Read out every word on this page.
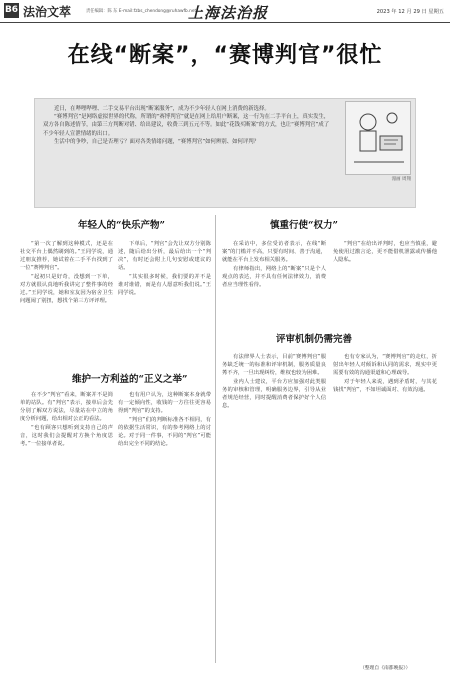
B6 法治文萃	责任编辑：陈 东 E-mail:fzbs_chendong@ruhawfb.net
上海法治报	2023 年 12 月 29 日 星期五
在线“断案”，“赛博判官”很忙

近日，在哔哩哔哩、二手交易平台出现“断案服务”，成为不少年轻人在网上消费的新选择。

“赛博判官”是网络虚拟世界的代称，所谓的“赛博判官”就是在网上给用户断案，这一行为在二手平台上，真实发生，双方各自陈述情节，由第三方判断对错、给出建议，收费三到五元不等。如此“花钱买断案”的方式，也让“赛博判官”成了不少年轻人宣泄情绪的出口。

生活中的争吵，自己是否理亏？面对各类情绪问题，“赛博判官”如何辨别、如何评判？

漫画 周翔
年轻人的“快乐产物”

“第一次了解到这种模式，还是在社交平台上偶然刷到的。”王同学说，通过朋友推荐，她试着在二手平台找到了一位“赛博判官”。

“起初只是好奇，没想到一下单，对方就很认真地听我讲完了整件事的经过。”王同学说，她和室友因为宿舍卫生问题闹了别扭，想找个第三方评评理。

下单后，“判官”会先让双方分别陈述，随后给出分析，最后给出一个“判决”，有时还会附上几句安慰或建议的话。

“其实很多时候，我们要的并不是谁对谁错，而是有人愿意听我们说。”王同学说。

维护一方利益的“正义之举”

在不少“判官”看来，断案并不是简单的站队。有“判官”表示，接单后会先分别了解双方说法，尽量站在中立的角度分析问题，给出相对公正的看法。

“也有顾客只想听到支持自己的声音，这时我们会提醒对方换个角度思考。”一位接单者说。

也有用户认为，这种断案本身就带有一定倾向性，收钱的一方往往更容易得到“判官”的支持。

“判官”们的判断标准各不相同，有的依据生活常识，有的参考网络上的讨论。对于同一件事，不同的“判官”可能给出完全不同的结论。

慎重行使“权力”

在采访中，多位受访者表示，在线“断案”的门槛并不高，只要有时间、善于沟通，就能在平台上发布相关服务。

有律师指出，网络上的“断案”只是个人观点的表达，并不具有任何法律效力，消费者应当理性看待。

“判官”在给出评判时，也应当慎重，避免使用过激言论，更不能借机泄露或传播他人隐私。

评审机制仍需完善

有法律界人士表示，目前“赛博判官”服务缺乏统一的标准和评审机制，服务质量良莠不齐，一旦出现纠纷，维权也较为困难。

业内人士建议，平台方应加强对此类服务的审核和管理，明确服务边界，引导从业者规范经营，同时提醒消费者保护好个人信息。

也有专家认为，“赛博判官”的走红，折射出年轻人对倾诉和认同的需求，现实中更需要有效的沟通渠道和心理疏导。

对于年轻人来说，遇到矛盾时，与其花钱找“判官”，不如坦诚面对、有效沟通。

（整理自《南都晚报》）
